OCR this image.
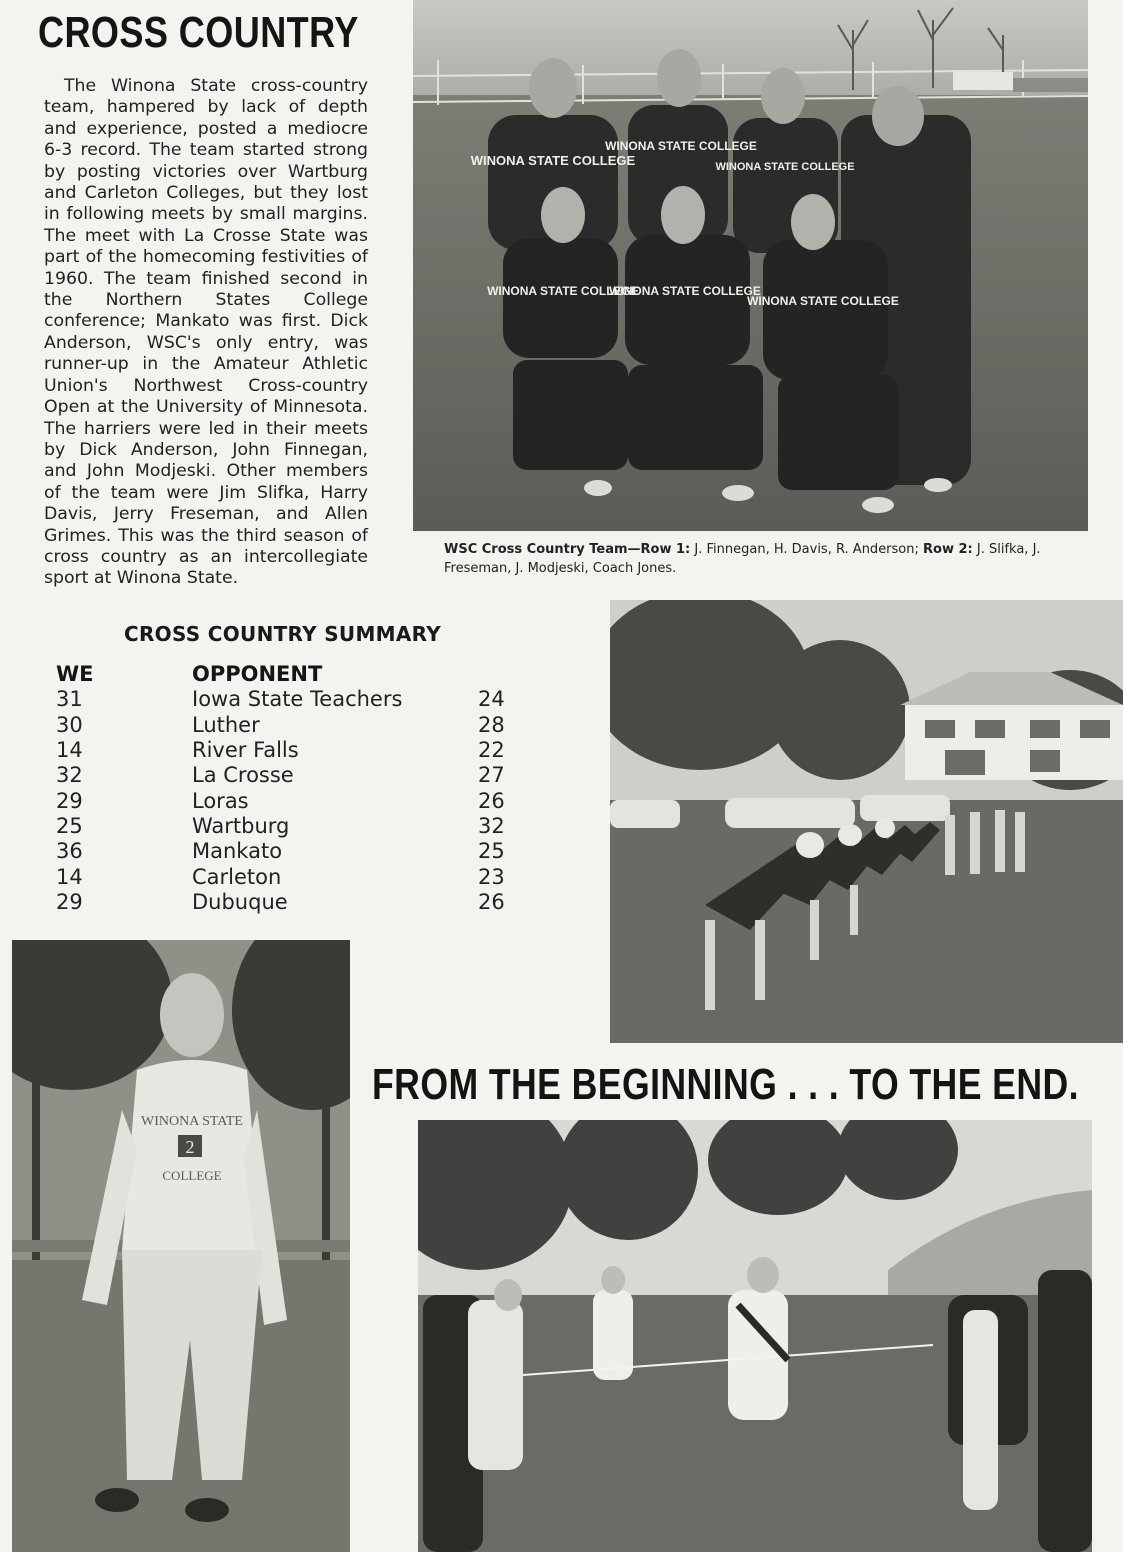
CROSS COUNTRY

The Winona State cross-country team, hampered by lack of depth and experience, posted a mediocre 6-3 record. The team started strong by posting victories over Wartburg and Carleton Colleges, but they lost in following meets by small margins. The meet with La Crosse State was part of the homecoming festivities of 1960. The team finished second in the Northern States College conference; Mankato was first. Dick Anderson, WSC's only entry, was runner-up in the Amateur Athletic Union's Northwest Cross-country Open at the University of Minnesota. The harriers were led in their meets by Dick Anderson, John Finnegan, and John Modjeski. Other members of the team were Jim Slifka, Harry Davis, Jerry Freseman, and Allen Grimes. This was the third season of cross country as an intercollegiate sport at Winona State.

WINONA STATE COLLEGE
WINONA STATE COLLEGE
WINONA STATE COLLEGE
WINONA STATE COLLEGE
WINONA STATE COLLEGE
WINONA STATE COLLEGE

WSC Cross Country Team—Row 1: J. Finnegan, H. Davis, R. Anderson; Row 2: J. Slifka, J. Freseman, J. Modjeski, Coach Jones.

CROSS COUNTRY SUMMARY
WE	OPPONENT	
31	Iowa State Teachers	24
30	Luther	28
14	River Falls	22
32	La Crosse	27
29	Loras	26
25	Wartburg	32
36	Mankato	25
14	Carleton	23
29	Dubuque	26
FROM THE BEGINNING . . . TO THE END.
WINONA STATE
2
COLLEGE
